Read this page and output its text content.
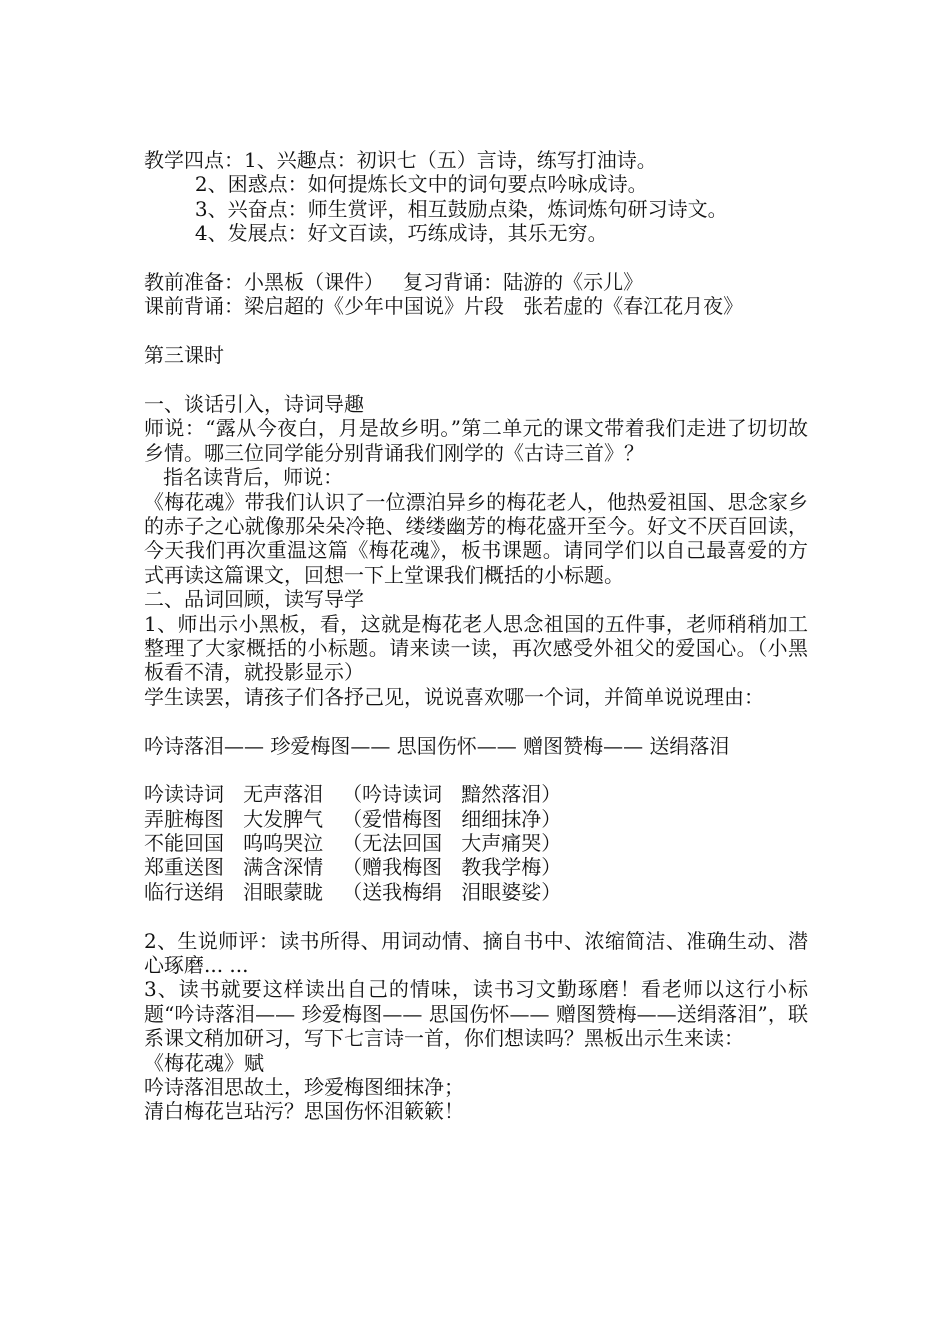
教学四点：1、兴趣点：初识七（五）言诗，练写打油诗。
2、困惑点：如何提炼长文中的词句要点吟咏成诗。
3、兴奋点：师生赏评，相互鼓励点染，炼词炼句研习诗文。
4、发展点：好文百读，巧练成诗，其乐无穷。
教前准备：小黑板（课件）   复习背诵：陆游的《示儿》
课前背诵：梁启超的《少年中国说》片段   张若虚的《春江花月夜》
第三课时
一、谈话引入，诗词导趣
师说：“露从今夜白，月是故乡明。”第二单元的课文带着我们走进了切切故乡情。哪三位同学能分别背诵我们刚学的《古诗三首》？
指名读背后，师说：
《梅花魂》带我们认识了一位漂泊异乡的梅花老人，他热爱祖国、思念家乡的赤子之心就像那朵朵冷艳、缕缕幽芳的梅花盛开至今。好文不厌百回读，今天我们再次重温这篇《梅花魂》，板书课题。请同学们以自己最喜爱的方式再读这篇课文，回想一下上堂课我们概括的小标题。
二、品词回顾，读写导学
1、师出示小黑板，看，这就是梅花老人思念祖国的五件事，老师稍稍加工整理了大家概括的小标题。请来读一读，再次感受外祖父的爱国心。（小黑板看不清，就投影显示）
学生读罢，请孩子们各抒己见，说说喜欢哪一个词，并简单说说理由：
吟诗落泪—— 珍爱梅图—— 思国伤怀—— 赠图赞梅—— 送绢落泪
吟读诗词   无声落泪   （吟诗读词   黯然落泪）
弄脏梅图   大发脾气   （爱惜梅图   细细抹净）
不能回国   呜呜哭泣   （无法回国   大声痛哭）
郑重送图   满含深情   （赠我梅图   教我学梅）
临行送绢   泪眼蒙眬   （送我梅绢   泪眼婆娑）
2、生说师评：读书所得、用词动情、摘自书中、浓缩简洁、准确生动、潜心琢磨... ...
3、读书就要这样读出自己的情味，读书习文勤琢磨！看老师以这行小标题“吟诗落泪—— 珍爱梅图—— 思国伤怀—— 赠图赞梅——送绢落泪”，联系课文稍加研习，写下七言诗一首，你们想读吗？黑板出示生来读：
《梅花魂》赋
吟诗落泪思故土，珍爱梅图细抹净；
清白梅花岂玷污？思国伤怀泪簌簌！
